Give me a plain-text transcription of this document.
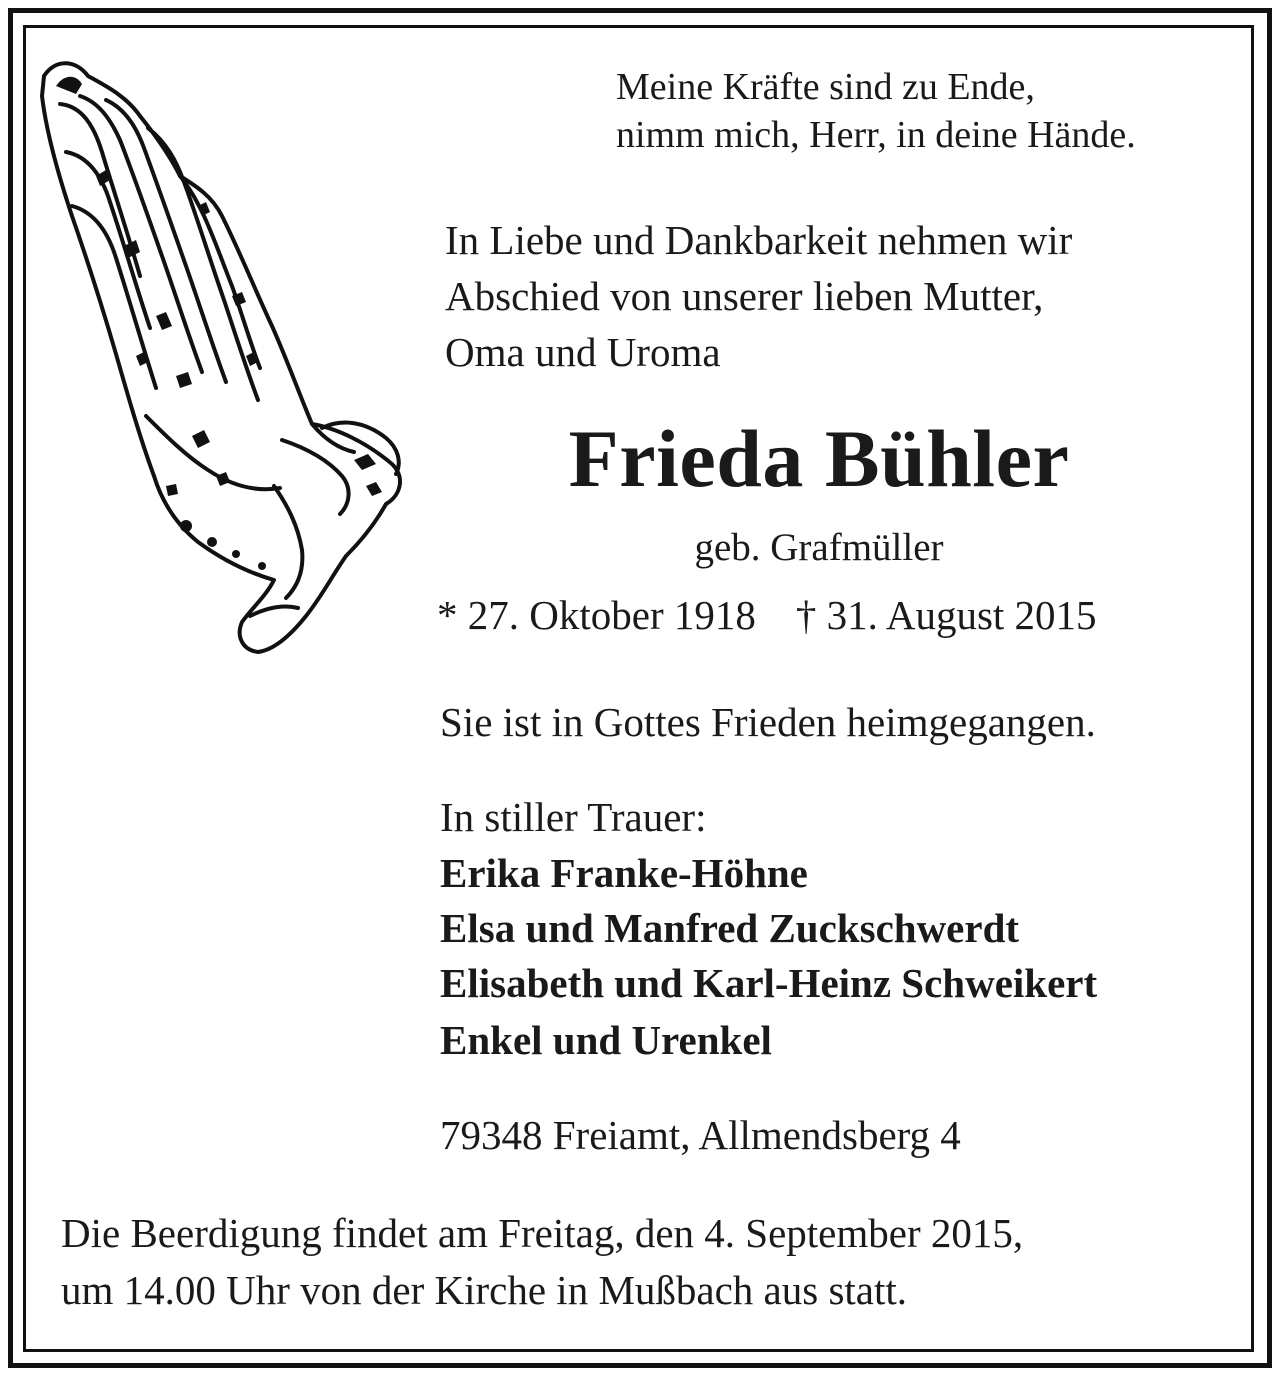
Meine Kräfte sind zu Ende,

nimm mich, Herr, in deine Hände.

In Liebe und Dankbarkeit nehmen wir

Abschied von unserer lieben Mutter,

Oma und Uroma

Frieda Bühler

geb. Grafmüller

* 27. Oktober 1918 † 31. August 2015

Sie ist in Gottes Frieden heimgegangen.

In stiller Trauer:

Erika Franke-Höhne

Elsa und Manfred Zuckschwerdt

Elisabeth und Karl-Heinz Schweikert

Enkel und Urenkel

79348 Freiamt, Allmendsberg 4

Die Beerdigung findet am Freitag, den 4. September 2015,

um 14.00 Uhr von der Kirche in Mußbach aus statt.
